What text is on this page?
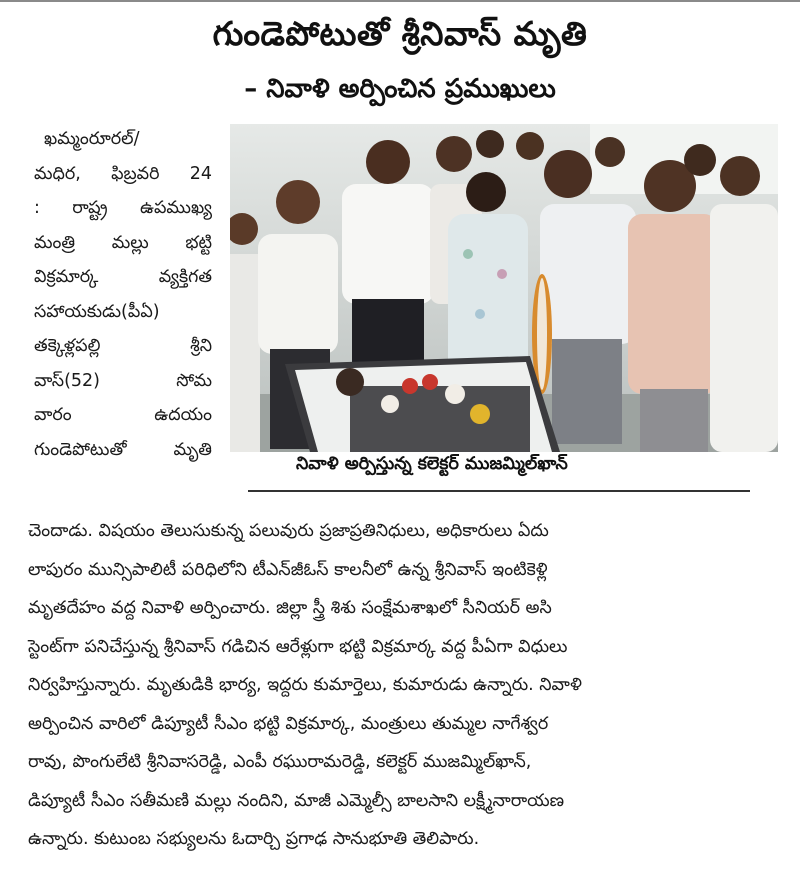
గుండెపోటుతో శ్రీనివాస్ మృతి
– నివాళి అర్పించిన ప్రముఖులు
ఖమ్మంరూరల్/
మధిర, ఫిబ్రవరి 24
: రాష్ట్ర ఉపముఖ్య
మంత్రి మల్లు భట్టి
విక్రమార్క వ్యక్తిగత
సహాయకుడు(పీఏ)
తక్కెళ్లపల్లి శ్రీని
వాస్(52) సోమ
వారం ఉదయం
గుండెపోటుతో మృతి
నివాళి అర్పిస్తున్న కలెక్టర్ ముజమ్మిల్‌ఖాన్
చెందాడు. విషయం తెలుసుకున్న పలువురు ప్రజాప్రతినిధులు, అధికారులు ఏదు
లాపురం మున్సిపాలిటీ పరిధిలోని టీఎన్‌జీఓస్ కాలనీలో ఉన్న శ్రీనివాస్ ఇంటికెళ్లి
మృతదేహం వద్ద నివాళి అర్పించారు. జిల్లా స్త్రీ శిశు సంక్షేమశాఖలో సీనియర్ అసి
స్టెంట్‌గా పనిచేస్తున్న శ్రీనివాస్ గడిచిన ఆరేళ్లుగా భట్టి విక్రమార్క వద్ద పీఏగా విధులు
నిర్వహిస్తున్నారు. మృతుడికి భార్య, ఇద్దరు కుమార్తెలు, కుమారుడు ఉన్నారు. నివాళి
అర్పించిన వారిలో డిప్యూటీ సీఎం భట్టి విక్రమార్క, మంత్రులు తుమ్మల నాగేశ్వర
రావు, పొంగులేటి శ్రీనివాసరెడ్డి, ఎంపీ రఘురామరెడ్డి, కలెక్టర్ ముజమ్మిల్‌ఖాన్,
డిప్యూటీ సీఎం సతీమణి మల్లు నందిని, మాజీ ఎమ్మెల్సీ బాలసాని లక్ష్మీనారాయణ
ఉన్నారు. కుటుంబ సభ్యులను ఓదార్చి ప్రగాఢ సానుభూతి తెలిపారు.
